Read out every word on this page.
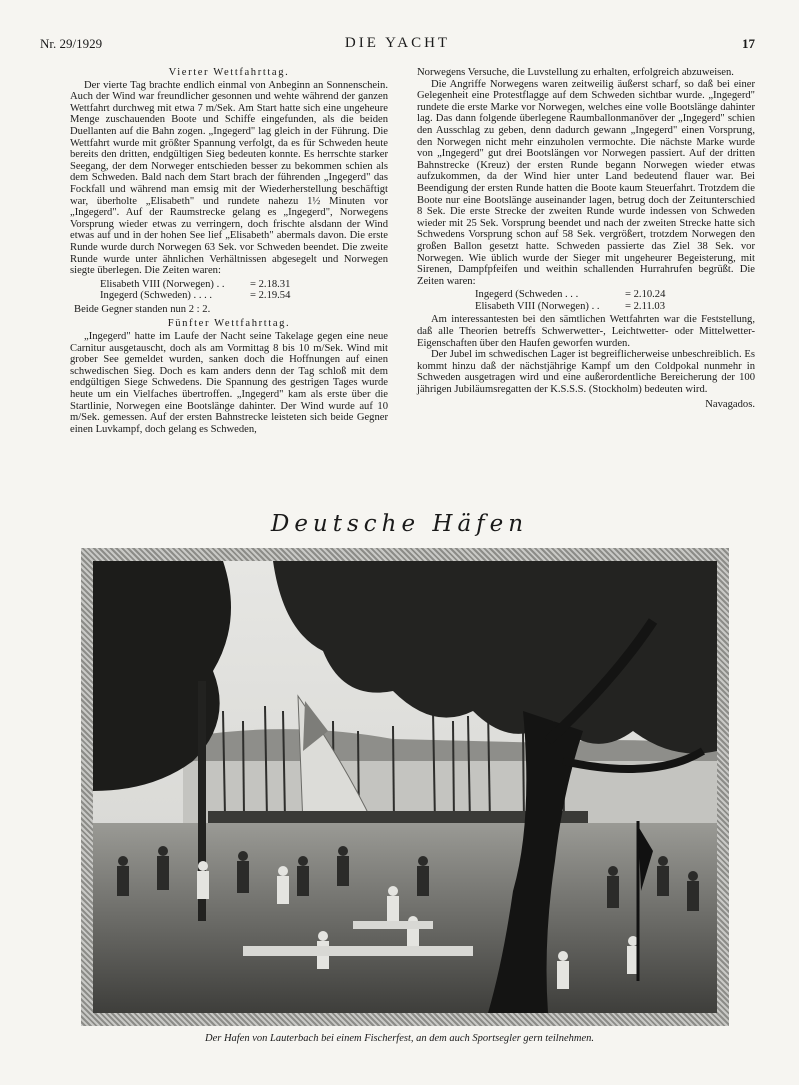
Nr. 29/1929	DIE YACHT	17
Vierter Wettfahrttag.

Der vierte Tag brachte endlich einmal von Anbeginn an Sonnenschein. Auch der Wind war freundlicher gesonnen und wehte während der ganzen Wettfahrt durchweg mit etwa 7 m/Sek. Am Start hatte sich eine ungeheure Menge zuschauenden Boote und Schiffe eingefunden, als die beiden Duellanten auf die Bahn zogen. „Ingegerd" lag gleich in der Führung. Die Wettfahrt wurde mit größter Spannung verfolgt, da es für Schweden heute bereits den dritten, endgültigen Sieg bedeuten konnte. Es herrschte starker Seegang, der dem Norweger entschieden besser zu bekommen schien als dem Schweden. Bald nach dem Start brach der führenden „Ingegerd" das Fockfall und während man emsig mit der Wiederherstellung beschäftigt war, überholte „Elisabeth" und rundete nahezu 1½ Minuten vor „Ingegerd". Auf der Raumstrecke gelang es „Ingegerd", Norwegens Vorsprung wieder etwas zu verringern, doch frischte alsdann der Wind etwas auf und in der hohen See lief „Elisabeth" abermals davon. Die erste Runde wurde durch Norwegen 63 Sek. vor Schweden beendet. Die zweite Runde wurde unter ähnlichen Verhältnissen abgesegelt und Norwegen siegte überlegen. Die Zeiten waren:

Elisabeth VIII (Norwegen) . .	= 2.18.31
Ingegerd (Schweden) . . . .	= 2.19.54

Beide Gegner standen nun 2 : 2.

Fünfter Wettfahrttag.

„Ingegerd" hatte im Laufe der Nacht seine Takelage gegen eine neue Carnitur ausgetauscht, doch als am Vormittag 8 bis 10 m/Sek. Wind mit grober See gemeldet wurden, sanken doch die Hoffnungen auf einen schwedischen Sieg. Doch es kam anders denn der Tag schloß mit dem endgültigen Siege Schwedens. Die Spannung des gestrigen Tages wurde heute um ein Vielfaches übertroffen. „Ingegerd" kam als erste über die Startlinie, Norwegen eine Bootslänge dahinter. Der Wind wurde auf 10 m/Sek. gemessen. Auf der ersten Bahnstrecke leisteten sich beide Gegner einen Luvkampf, doch gelang es Schweden,

Norwegens Versuche, die Luvstellung zu erhalten, erfolgreich abzuweisen.

Die Angriffe Norwegens waren zeitweilig äußerst scharf, so daß bei einer Gelegenheit eine Protestflagge auf dem Schweden sichtbar wurde. „Ingegerd" rundete die erste Marke vor Norwegen, welches eine volle Bootslänge dahinter lag. Das dann folgende überlegene Raumballonmanöver der „Ingegerd" schien den Ausschlag zu geben, denn dadurch gewann „Ingegerd" einen Vorsprung, den Norwegen nicht mehr einzuholen vermochte. Die nächste Marke wurde von „Ingegerd" gut drei Bootslängen vor Norwegen passiert. Auf der dritten Bahnstrecke (Kreuz) der ersten Runde begann Norwegen wieder etwas aufzukommen, da der Wind hier unter Land bedeutend flauer war. Bei Beendigung der ersten Runde hatten die Boote kaum Steuerfahrt. Trotzdem die Boote nur eine Bootslänge auseinander lagen, betrug doch der Zeitunterschied 8 Sek. Die erste Strecke der zweiten Runde wurde indessen von Schweden wieder mit 25 Sek. Vorsprung beendet und nach der zweiten Strecke hatte sich Schwedens Vorsprung schon auf 58 Sek. vergrößert, trotzdem Norwegen den großen Ballon gesetzt hatte. Schweden passierte das Ziel 38 Sek. vor Norwegen. Wie üblich wurde der Sieger mit ungeheurer Begeisterung, mit Sirenen, Dampfpfeifen und weithin schallenden Hurrahrufen begrüßt. Die Zeiten waren:

Ingegerd (Schweden . . .	= 2.10.24
Elisabeth VIII (Norwegen) . .	= 2.11.03

Am interessantesten bei den sämtlichen Wettfahrten war die Feststellung, daß alle Theorien betreffs Schwerwetter-, Leichtwetter- oder Mittelwetter-Eigenschaften über den Haufen geworfen wurden.

Der Jubel im schwedischen Lager ist begreiflicherweise unbeschreiblich. Es kommt hinzu daß der nächstjährige Kampf um den Coldpokal nunmehr in Schweden ausgetragen wird und eine außerordentliche Bereicherung der 100 jährigen Jubiläumsregatten der K.S.S.S. (Stockholm) bedeuten wird.

Navagados.
Deutsche Häfen
Der Hafen von Lauterbach bei einem Fischerfest, an dem auch Sportsegler gern teilnehmen.
